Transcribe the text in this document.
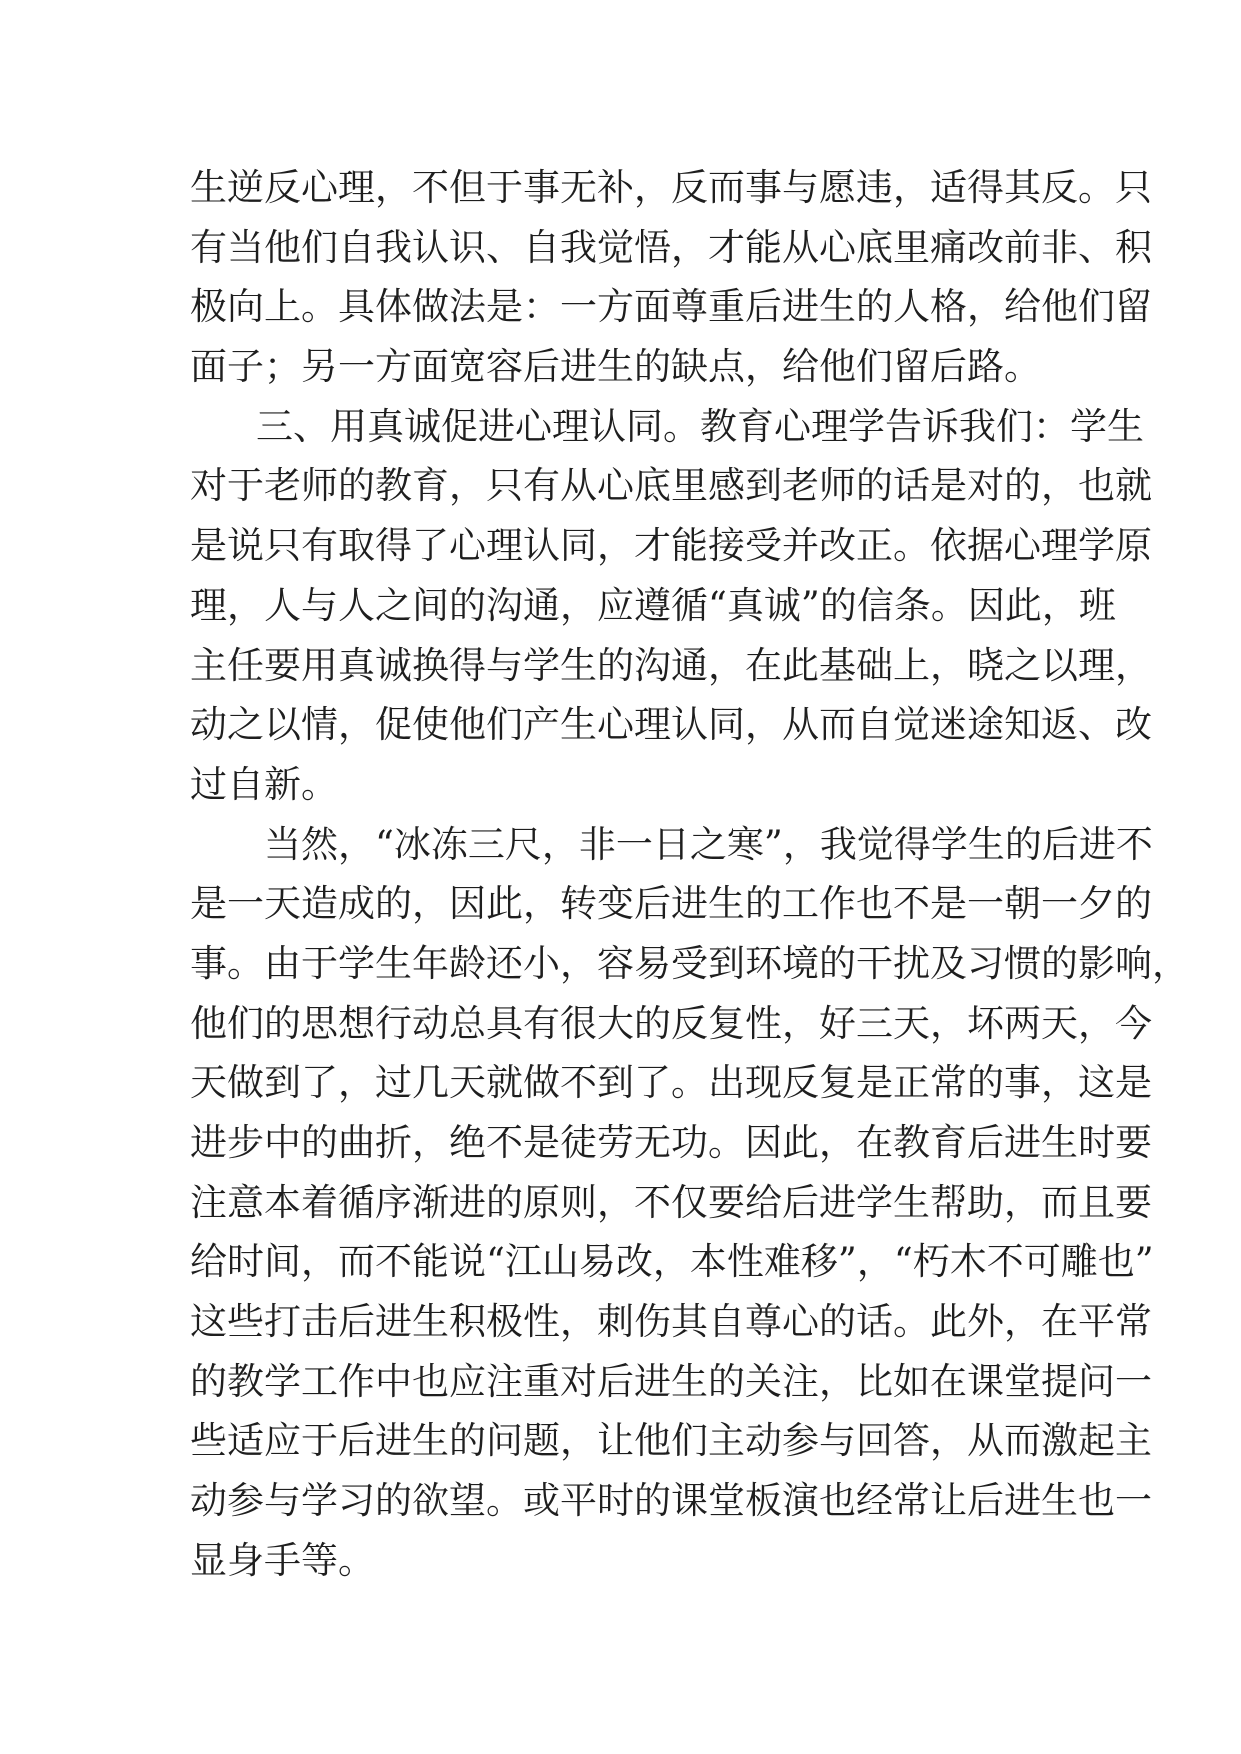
生逆反心理，不但于事无补，反而事与愿违，适得其反。只
有当他们自我认识、自我觉悟，才能从心底里痛改前非、积
极向上。具体做法是：一方面尊重后进生的人格，给他们留
面子；另一方面宽容后进生的缺点，给他们留后路。
三、用真诚促进心理认同。教育心理学告诉我们：学生
对于老师的教育，只有从心底里感到老师的话是对的，也就
是说只有取得了心理认同，才能接受并改正。依据心理学原
理，人与人之间的沟通，应遵循“真诚”的信条。因此，班
主任要用真诚换得与学生的沟通，在此基础上，晓之以理，
动之以情，促使他们产生心理认同，从而自觉迷途知返、改
过自新。
当然，“冰冻三尺，非一日之寒”，我觉得学生的后进不
是一天造成的，因此，转变后进生的工作也不是一朝一夕的
事。由于学生年龄还小，容易受到环境的干扰及习惯的影响，
他们的思想行动总具有很大的反复性，好三天，坏两天，今
天做到了，过几天就做不到了。出现反复是正常的事，这是
进步中的曲折，绝不是徒劳无功。因此，在教育后进生时要
注意本着循序渐进的原则，不仅要给后进学生帮助，而且要
给时间，而不能说“江山易改，本性难移”，“朽木不可雕也”
这些打击后进生积极性，刺伤其自尊心的话。此外，在平常
的教学工作中也应注重对后进生的关注，比如在课堂提问一
些适应于后进生的问题，让他们主动参与回答，从而激起主
动参与学习的欲望。或平时的课堂板演也经常让后进生也一
显身手等。
